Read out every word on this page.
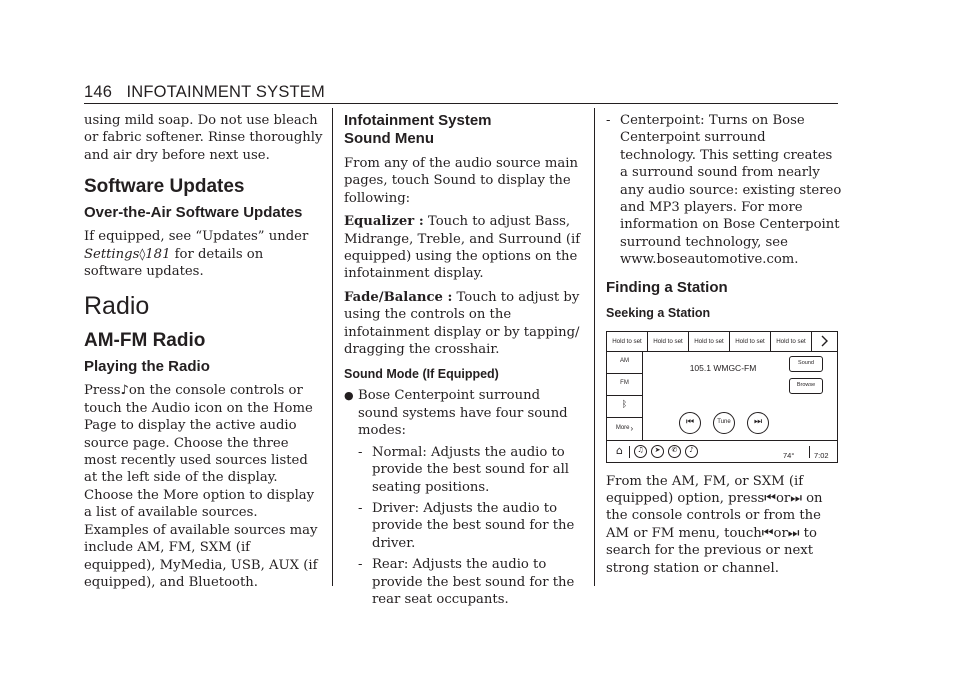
146 INFOTAINMENT SYSTEM

using mild soap. Do not use bleach or fabric softener. Rinse thoroughly and air dry before next use.

Software Updates

Over-the-Air Software Updates

If equipped, see “Updates” under Settings◊181 for details on software updates.

Radio

AM-FM Radio

Playing the Radio

Press♪on the console controls or touch the Audio icon on the Home Page to display the active audio source page. Choose the three most recently used sources listed at the left side of the display. Choose the More option to display a list of available sources. Examples of available sources may include AM, FM, SXM (if equipped), MyMedia, USB, AUX (if equipped), and Bluetooth.

Infotainment System
Sound Menu

From any of the audio source main pages, touch Sound to display the following:

Equalizer : Touch to adjust Bass, Midrange, Treble, and Surround (if equipped) using the options on the infotainment display.

Fade/Balance : Touch to adjust by using the controls on the infotainment display or by tapping/ dragging the crosshair.

Sound Mode (If Equipped)

● Bose Centerpoint surround sound systems have four sound modes:

- Normal: Adjusts the audio to provide the best sound for all seating positions.

- Driver: Adjusts the audio to provide the best sound for the driver.

- Rear: Adjusts the audio to provide the best sound for the rear seat occupants.

- Centerpoint: Turns on Bose Centerpoint surround technology. This setting creates a surround sound from nearly any audio source: existing stereo and MP3 players. For more information on Bose Centerpoint surround technology, see www.boseautomotive.com.

Finding a Station

Seeking a Station

Hold to set	Hold to set	Hold to set	Hold to set	Hold to set
AM
FM
ᛒ
More ›
105.1 WMGC-FM	Sound
Browse
⏮	Tune	⏭
⌂	♫	➤	✆	♪
74°	7:02

From the AM, FM, or SXM (if equipped) option, press⏮or⏭ on the console controls or from the AM or FM menu, touch⏮or⏭ to search for the previous or next strong station or channel.
